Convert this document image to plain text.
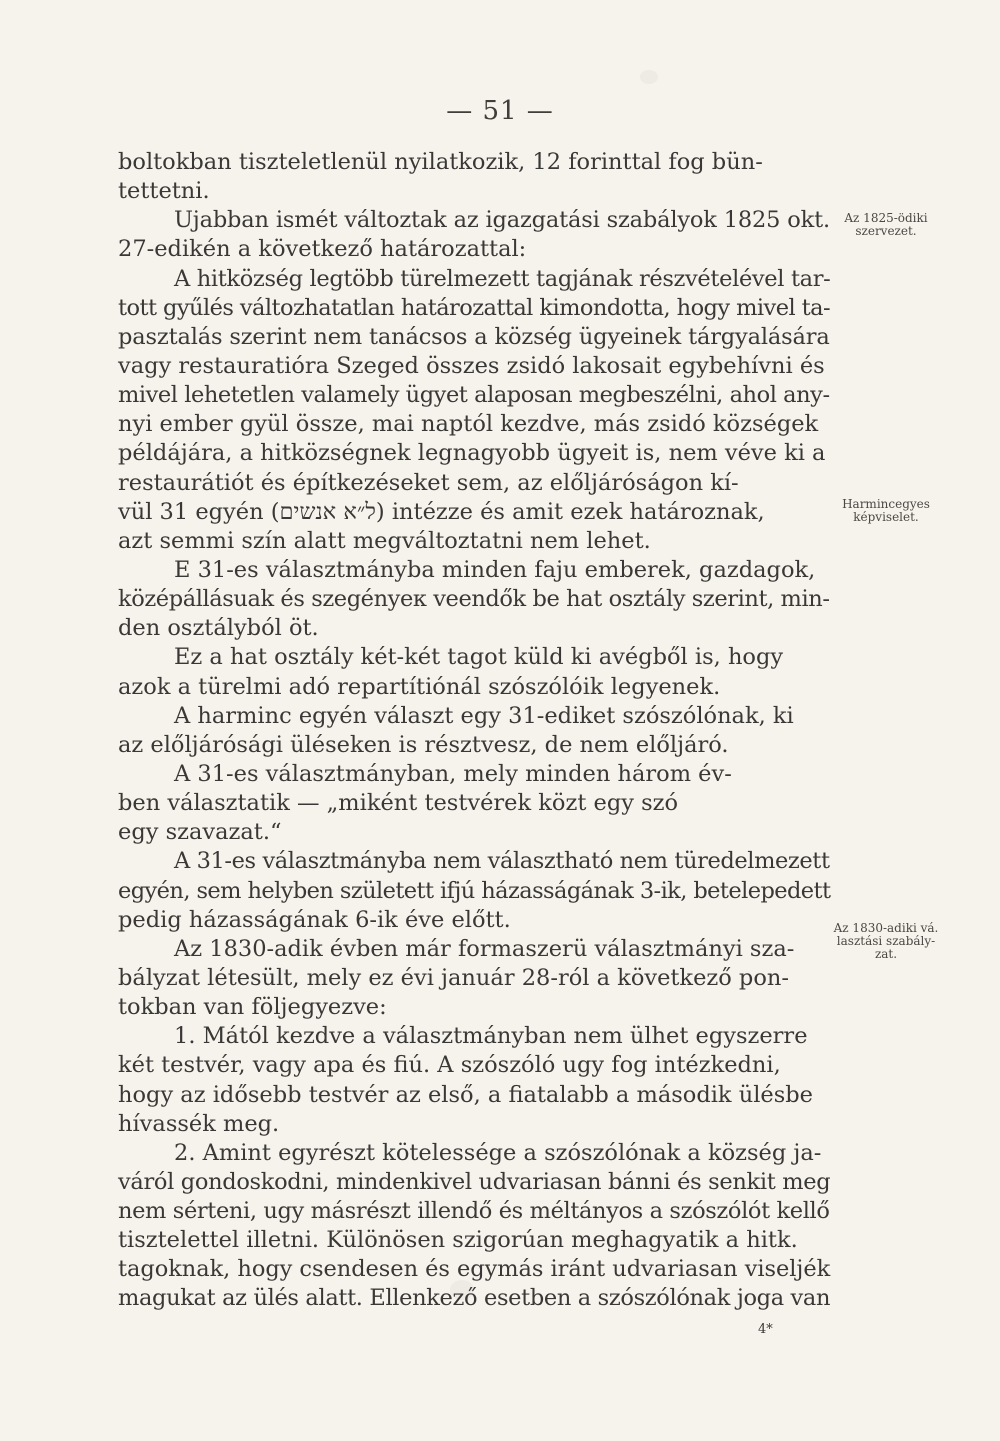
— 51 —
boltokban tiszteletlenül nyilatkozik, 12 forinttal fog bün-
tettetni.
Ujabban ismét változtak az igazgatási szabályok 1825 okt.
27-edikén a következő határozattal:
A hitközség legtöbb türelmezett tagjának részvételével tar-
tott gyűlés változhatatlan határozattal kimondotta, hogy mivel ta-
pasztalás szerint nem tanácsos a község ügyeinek tárgyalására
vagy restauratióra Szeged összes zsidó lakosait egybehívni és
mivel lehetetlen valamely ügyet alaposan megbeszélni, ahol any-
nyi ember gyül össze, mai naptól kezdve, más zsidó községek
példájára, a hitközségnek legnagyobb ügyeit is, nem véve ki a
restaurátiót és építkezéseket sem, az előljáróságon kí-
vül 31 egyén (ל״א אנשים) intézze és amit ezek határoznak,
azt semmi szín alatt megváltoztatni nem lehet.
E 31-es választmányba minden faju emberek, gazdagok,
középállásuak és szegényeк veendők be hat osztály szerint, min-
den osztályból öt.
Ez a hat osztály két-két tagot küld ki avégből is, hogy
azok a türelmi adó repartítiónál szószólóik legyenek.
A harminc egyén választ egy 31-ediket szószólónak, ki
az előljárósági üléseken is résztvesz, de nem előljáró.
A 31-es választmányban, mely minden három év-
ben választatik — „miként testvérek közt egy szó
egy szavazat.“
A 31-es választmányba nem választható nem türedelmezett
egyén, sem helyben született ifjú házasságának 3-ik, betelepedett
pedig házasságának 6-ik éve előtt.
Az 1830-adik évben már formaszerü választmányi sza-
bályzat létesült, mely ez évi január 28-ról a következő pon-
tokban van följegyezve:
1. Mától kezdve a választmányban nem ülhet egyszerre
két testvér, vagy apa és fiú. A szószóló ugy fog intézkedni,
hogy az idősebb testvér az első, a fiatalabb a második ülésbe
hívassék meg.
2. Amint egyrészt kötelessége a szószólónak a község ja-
váról gondoskodni, mindenkivel udvariasan bánni és senkit meg
nem sérteni, ugy másrészt illendő és méltányos a szószólót kellő
tisztelettel illetni. Különösen szigorúan meghagyatik a hitk.
tagoknak, hogy csendesen és egymás iránt udvariasan viseljék
magukat az ülés alatt. Ellenkező esetben a szószólónak joga van
Az 1825-ödiki
szervezet.
Harmincegyes
képviselet.
Az 1830-adiki vá.
lasztási szabály-
zat.
4*
